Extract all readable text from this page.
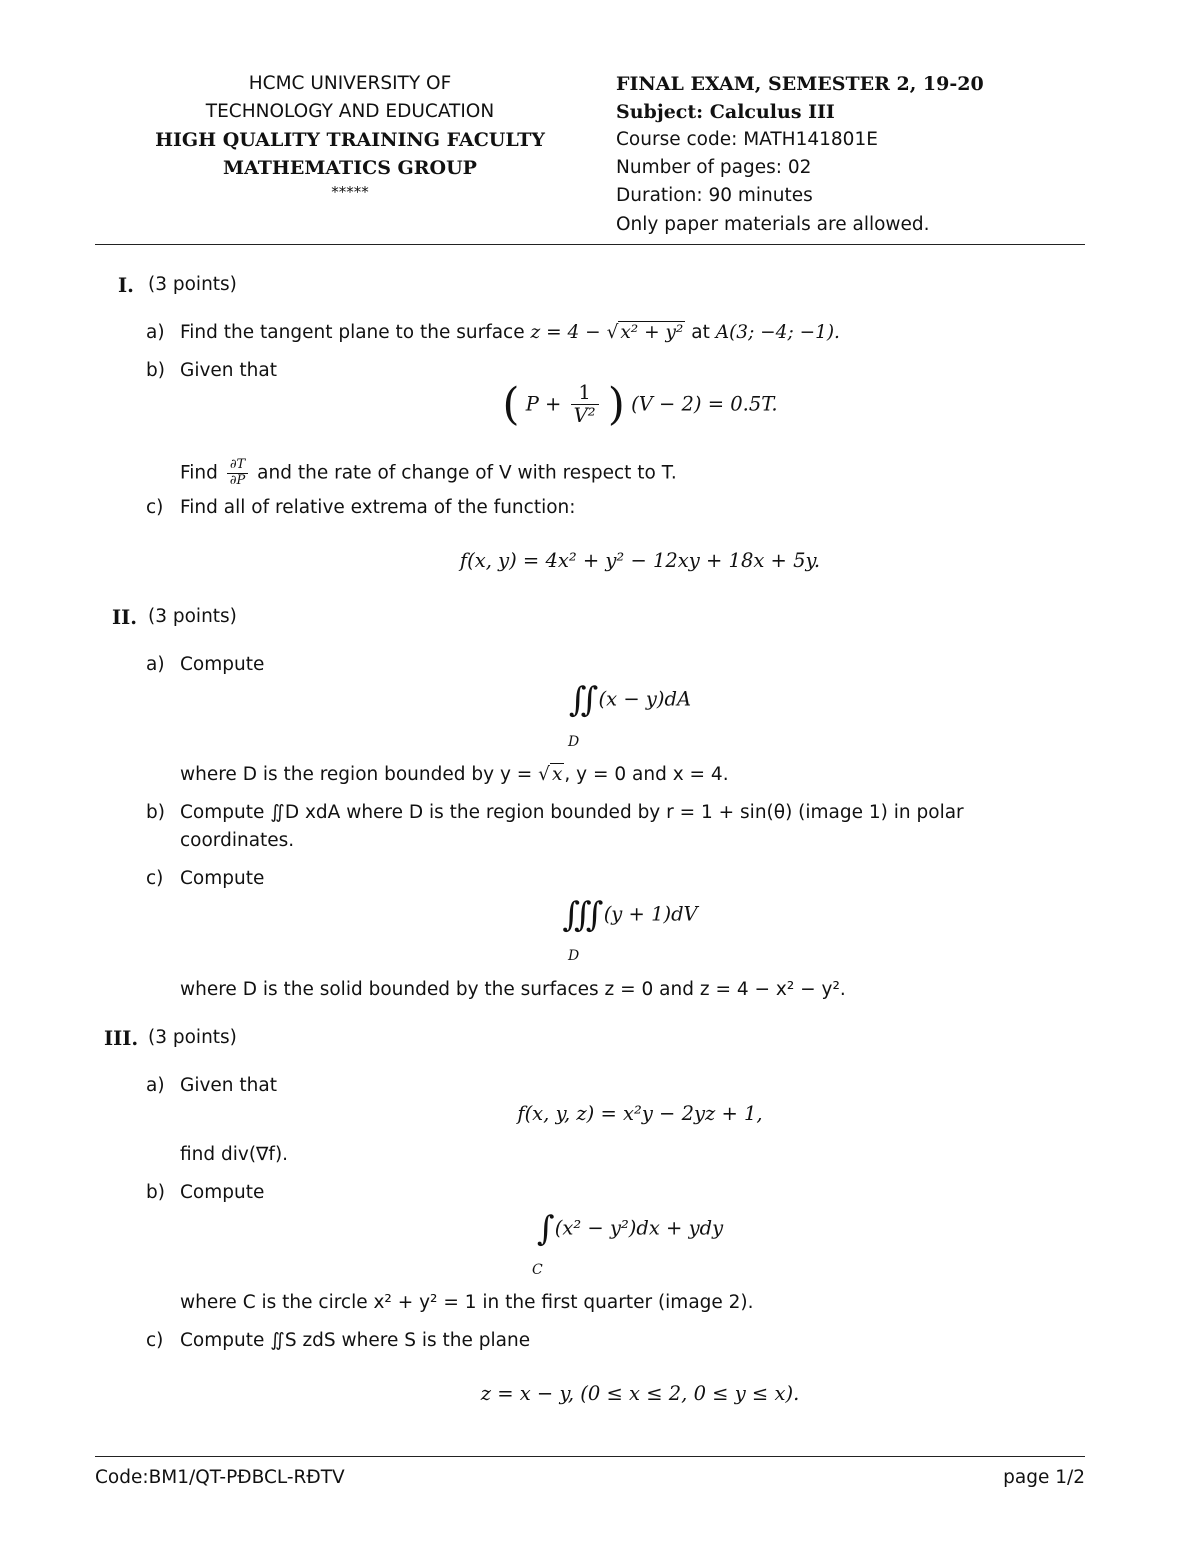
HCMC UNIVERSITY OF
TECHNOLOGY AND EDUCATION
HIGH QUALITY TRAINING FACULTY
MATHEMATICS GROUP
*****
FINAL EXAM, SEMESTER 2, 19-20
Subject: Calculus III
Course code: MATH141801E
Number of pages: 02
Duration: 90 minutes
Only paper materials are allowed.
I. (3 points)
a) Find the tangent plane to the surface z = 4 − √ x² + y² at A(3; −4; −1).
b) Given that
( $P + \frac{1}{\text{V²}}$ ) (V − 2) = 0.5T.
Find $\frac{\partial T}{\partial P}$ and the rate of change of V with respect to T.
c) Find all of relative extrema of the function:
f(x, y) = 4x² + y² − 12xy + 18x + 5y.
II. (3 points)
a) Compute
∫∫ (x − y)dA
D
where D is the region bounded by y = √ x , y = 0 and x = 4.
b) Compute ∬D xdA where D is the region bounded by r = 1 + sin(θ) (image 1) in polar
coordinates.
c) Compute
∫∫∫ (y + 1)dV
D
where D is the solid bounded by the surfaces z = 0 and z = 4 − x² − y².
III. (3 points)
a) Given that
f(x, y, z) = x²y − 2yz + 1,
find div(∇f).
b) Compute
∫ (x² − y²)dx + ydy
C
where C is the circle x² + y² = 1 in the first quarter (image 2).
c) Compute ∬S zdS where S is the plane
z = x − y, (0 ≤ x ≤ 2, 0 ≤ y ≤ x).
Code:BM1/QT-PĐBCL-RĐTV	page 1/2
